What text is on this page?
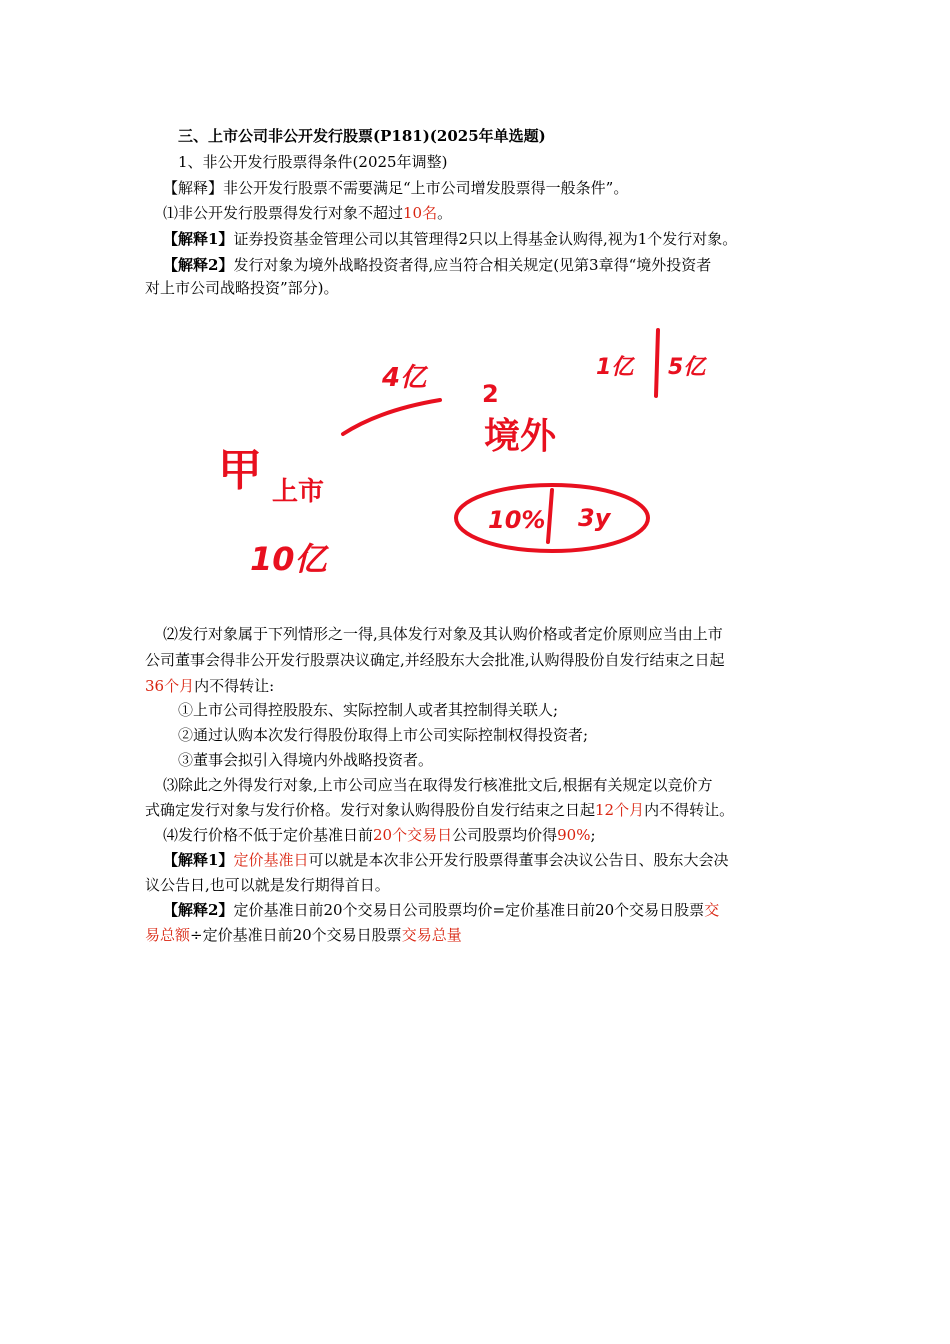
三、上市公司非公开发行股票(P181)(2025年单选题)
1、非公开发行股票得条件(2025年调整)
【解释】非公开发行股票不需要满足“上市公司增发股票得一般条件”。
⑴非公开发行股票得发行对象不超过10名。
【解释1】证券投资基金管理公司以其管理得2只以上得基金认购得,视为1个发行对象。
【解释2】发行对象为境外战略投资者得,应当符合相关规定(见第3章得“境外投资者
对上市公司战略投资”部分)。
甲 上市
10亿
4亿
2
境外
10% 3y
1亿 5亿
⑵发行对象属于下列情形之一得,具体发行对象及其认购价格或者定价原则应当由上市
公司董事会得非公开发行股票决议确定,并经股东大会批准,认购得股份自发行结束之日起
36个月内不得转让:
①上市公司得控股股东、实际控制人或者其控制得关联人;
②通过认购本次发行得股份取得上市公司实际控制权得投资者;
③董事会拟引入得境内外战略投资者。
⑶除此之外得发行对象,上市公司应当在取得发行核准批文后,根据有关规定以竞价方
式确定发行对象与发行价格。发行对象认购得股份自发行结束之日起12个月内不得转让。
⑷发行价格不低于定价基准日前20个交易日公司股票均价得90%;
【解释1】定价基准日可以就是本次非公开发行股票得董事会决议公告日、股东大会决
议公告日,也可以就是发行期得首日。
【解释2】定价基准日前20个交易日公司股票均价=定价基准日前20个交易日股票交
易总额÷定价基准日前20个交易日股票交易总量
